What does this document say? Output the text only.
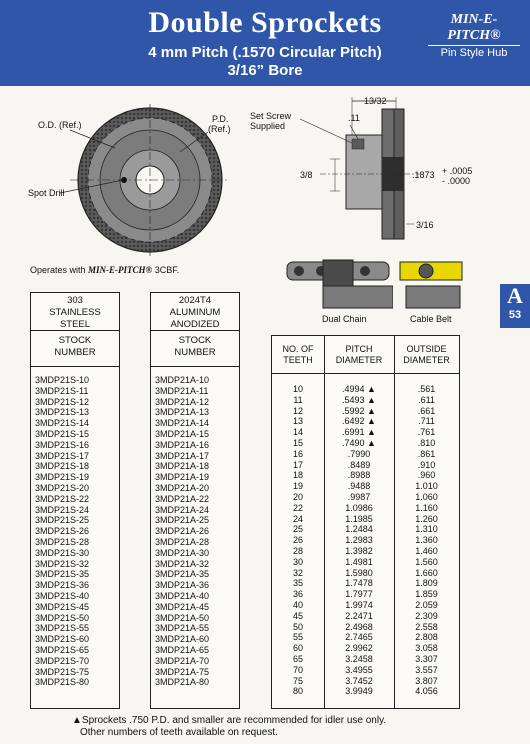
Double Sprockets
4 mm Pitch (.1570 Circular Pitch)
3/16” Bore
MIN-E-PITCH®
Pin Style Hub
O.D. (Ref.)
P.D.
(Ref.)
Spot Drill
Set Screw
Supplied
13/32
.11
3/8	.1873 + .0005
- .0000
3/16
Dual Chain	Cable Belt
Operates with MIN-E-PITCH® 3CBF.
A
53
303
STAINLESS
STEEL
STOCK
NUMBER
3MDP21S-10
3MDP21S-11
3MDP21S-12
3MDP21S-13
3MDP21S-14
3MDP21S-15
3MDP21S-16
3MDP21S-17
3MDP21S-18
3MDP21S-19
3MDP21S-20
3MDP21S-22
3MDP21S-24
3MDP21S-25
3MDP21S-26
3MDP21S-28
3MDP21S-30
3MDP21S-32
3MDP21S-35
3MDP21S-36
3MDP21S-40
3MDP21S-45
3MDP21S-50
3MDP21S-55
3MDP21S-60
3MDP21S-65
3MDP21S-70
3MDP21S-75
3MDP21S-80
2024T4
ALUMINUM
ANODIZED
STOCK
NUMBER
3MDP21A-10
3MDP21A-11
3MDP21A-12
3MDP21A-13
3MDP21A-14
3MDP21A-15
3MDP21A-16
3MDP21A-17
3MDP21A-18
3MDP21A-19
3MDP21A-20
3MDP21A-22
3MDP21A-24
3MDP21A-25
3MDP21A-26
3MDP21A-28
3MDP21A-30
3MDP21A-32
3MDP21A-35
3MDP21A-36
3MDP21A-40
3MDP21A-45
3MDP21A-50
3MDP21A-55
3MDP21A-60
3MDP21A-65
3MDP21A-70
3MDP21A-75
3MDP21A-80
NO. OF
TEETH
PITCH
DIAMETER
OUTSIDE
DIAMETER
10	.4994 ▲	.561
11	.5493 ▲	.611
12	.5992 ▲	.661
13	.6492 ▲	.711
14	.6991 ▲	.761
15	.7490 ▲	.810
16	.7990	.861
17	.8489	.910
18	.8988	.960
19	.9488	1.010
20	.9987	1.060
22	1.0986	1.160
24	1.1985	1.260
25	1.2484	1.310
26	1.2983	1.360
28	1.3982	1.460
30	1.4981	1.560
32	1.5980	1.660
35	1.7478	1.809
36	1.7977	1.859
40	1.9974	2.059
45	2.2471	2.309
50	2.4968	2.558
55	2.7465	2.808
60	2.9962	3.058
65	3.2458	3.307
70	3.4955	3.557
75	3.7452	3.807
80	3.9949	4.056
▲Sprockets .750 P.D. and smaller are recommended for idler use only.
Other numbers of teeth available on request.
